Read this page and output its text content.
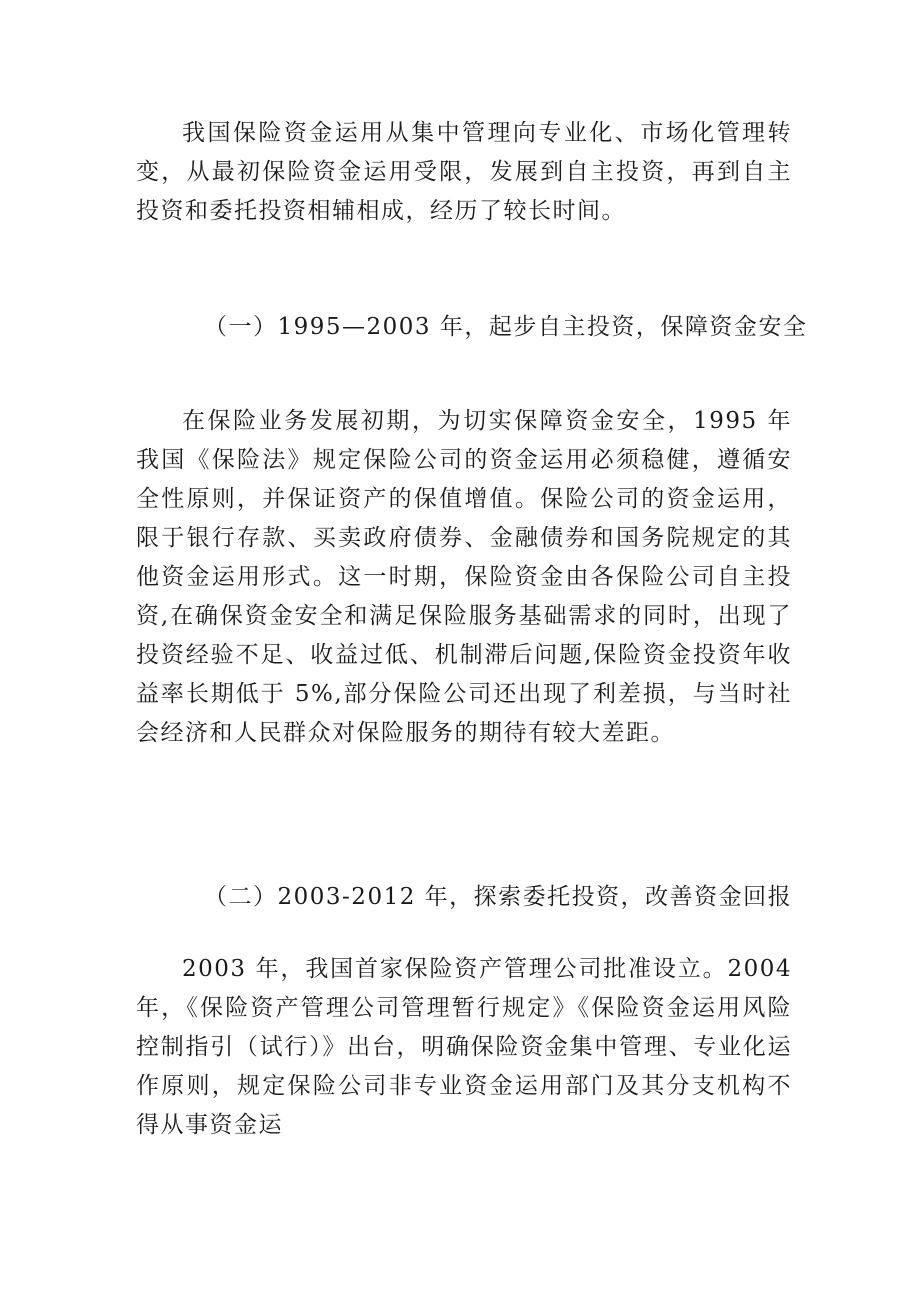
我国保险资金运用从集中管理向专业化、市场化管理转变，从最初保险资金运用受限，发展到自主投资，再到自主投资和委托投资相辅相成，经历了较长时间。

（一）1995—2003 年，起步自主投资，保障资金安全

在保险业务发展初期，为切实保障资金安全，1995 年我国《保险法》规定保险公司的资金运用必须稳健，遵循安全性原则，并保证资产的保值增值。保险公司的资金运用，限于银行存款、买卖政府债券、金融债券和国务院规定的其他资金运用形式。这一时期，保险资金由各保险公司自主投资,在确保资金安全和满足保险服务基础需求的同时，出现了投资经验不足、收益过低、机制滞后问题,保险资金投资年收益率长期低于 5%,部分保险公司还出现了利差损，与当时社会经济和人民群众对保险服务的期待有较大差距。

（二）2003-2012 年，探索委托投资，改善资金回报

2003 年，我国首家保险资产管理公司批准设立。2004 年，《保险资产管理公司管理暂行规定》《保险资金运用风险控制指引（试行）》出台，明确保险资金集中管理、专业化运作原则，规定保险公司非专业资金运用部门及其分支机构不得从事资金运
